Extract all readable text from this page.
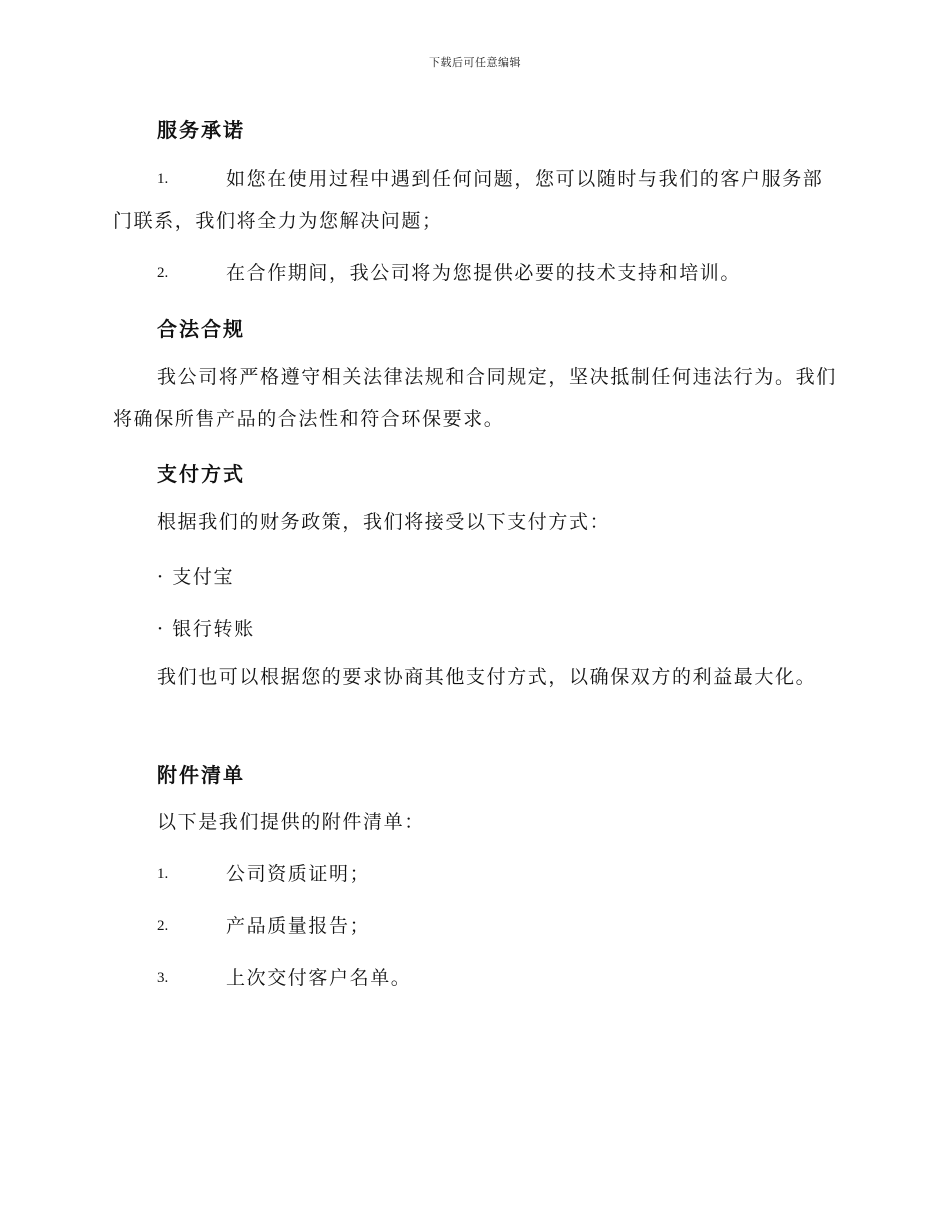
下载后可任意编辑
服务承诺
1.	如您在使用过程中遇到任何问题，您可以随时与我们的客户服务部门联系，我们将全力为您解决问题；
2.	在合作期间，我公司将为您提供必要的技术支持和培训。
合法合规
我公司将严格遵守相关法律法规和合同规定，坚决抵制任何违法行为。我们将确保所售产品的合法性和符合环保要求。
支付方式
根据我们的财务政策，我们将接受以下支付方式：
· 支付宝
· 银行转账
我们也可以根据您的要求协商其他支付方式，以确保双方的利益最大化。
附件清单
以下是我们提供的附件清单：
1.	公司资质证明；
2.	产品质量报告；
3.	上次交付客户名单。
